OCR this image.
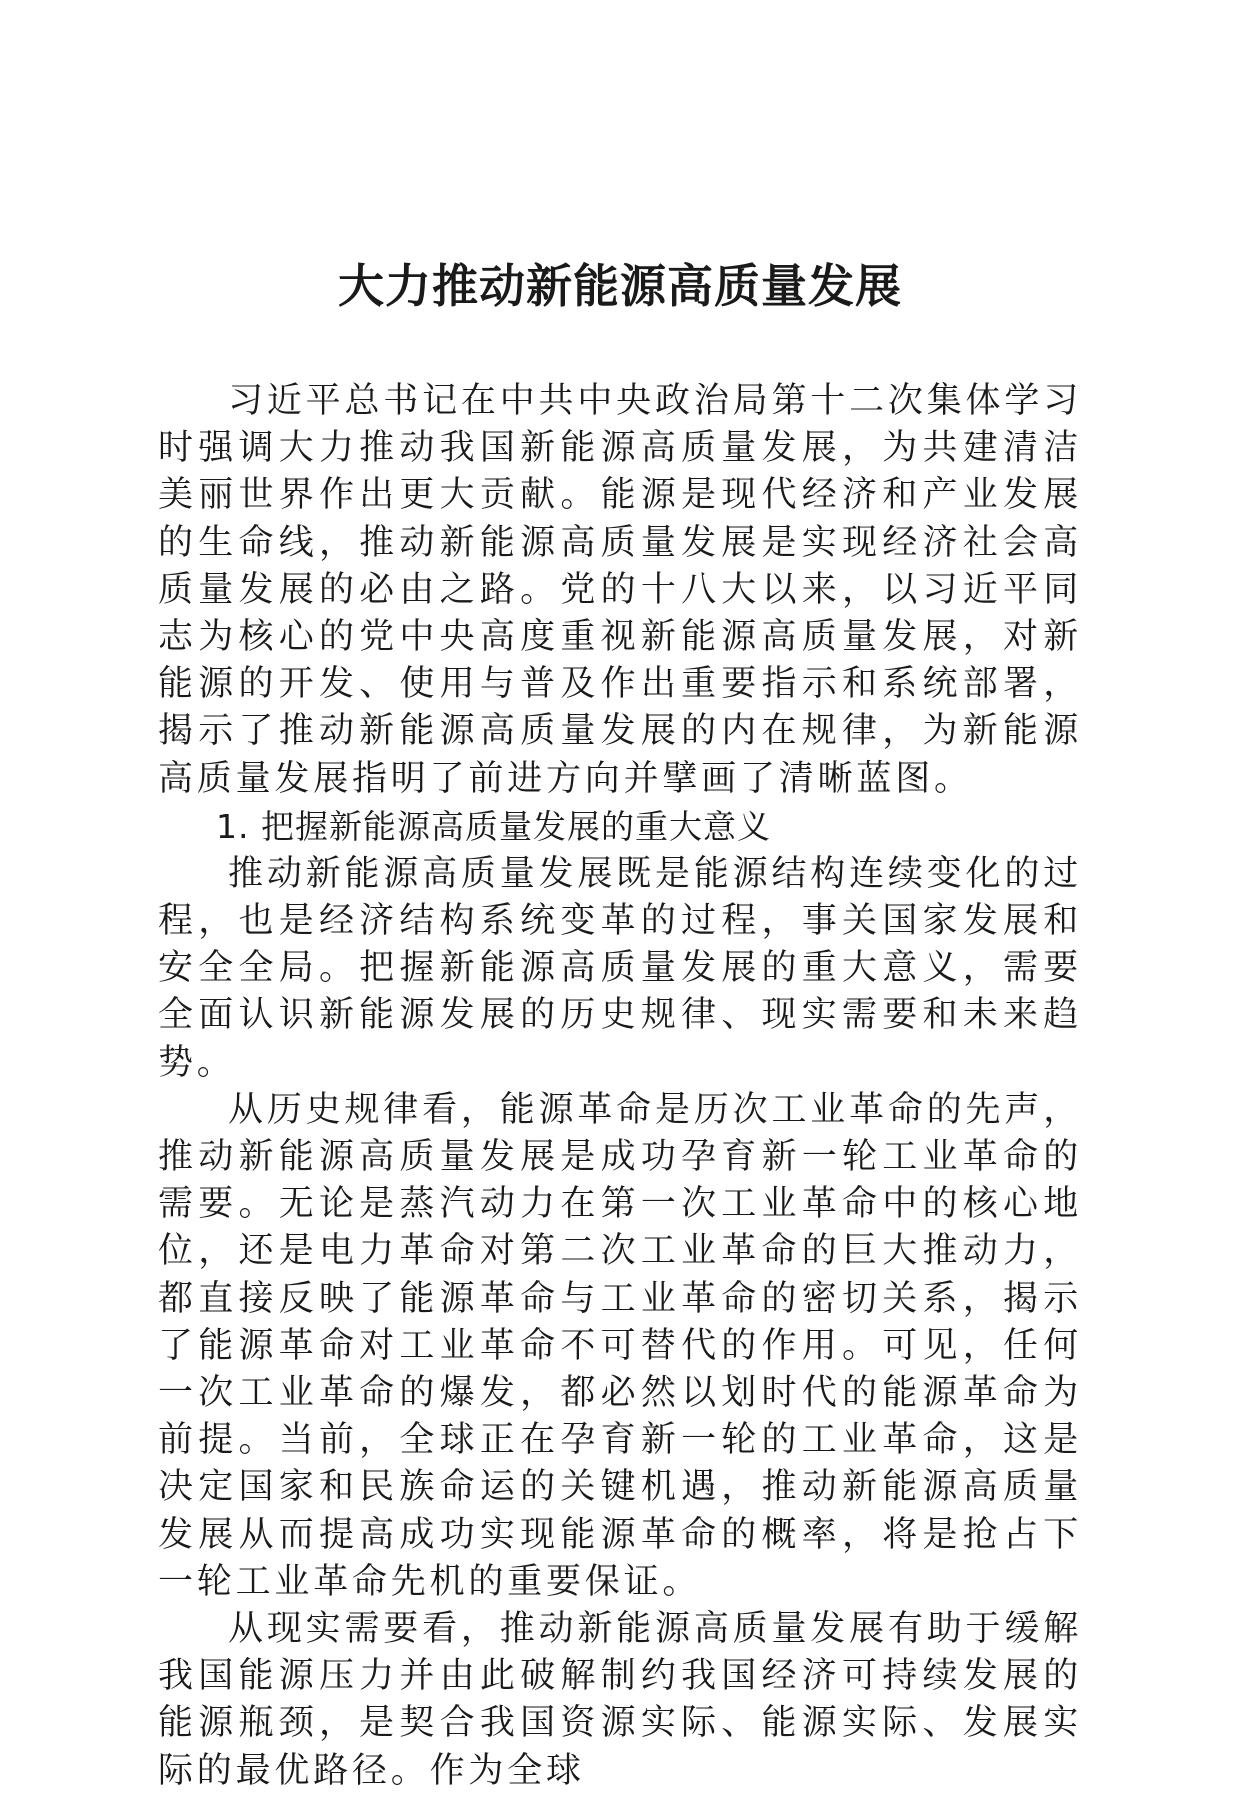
大力推动新能源高质量发展

习近平总书记在中共中央政治局第十二次集体学习时强调大力推动我国新能源高质量发展，为共建清洁美丽世界作出更大贡献。能源是现代经济和产业发展的生命线，推动新能源高质量发展是实现经济社会高质量发展的必由之路。党的十八大以来，以习近平同志为核心的党中央高度重视新能源高质量发展，对新能源的开发、使用与普及作出重要指示和系统部署，揭示了推动新能源高质量发展的内在规律，为新能源高质量发展指明了前进方向并擘画了清晰蓝图。

1. 把握新能源高质量发展的重大意义

推动新能源高质量发展既是能源结构连续变化的过程，也是经济结构系统变革的过程，事关国家发展和安全全局。把握新能源高质量发展的重大意义，需要全面认识新能源发展的历史规律、现实需要和未来趋势。

从历史规律看，能源革命是历次工业革命的先声，推动新能源高质量发展是成功孕育新一轮工业革命的需要。无论是蒸汽动力在第一次工业革命中的核心地位，还是电力革命对第二次工业革命的巨大推动力，都直接反映了能源革命与工业革命的密切关系，揭示了能源革命对工业革命不可替代的作用。可见，任何一次工业革命的爆发，都必然以划时代的能源革命为前提。当前，全球正在孕育新一轮的工业革命，这是决定国家和民族命运的关键机遇，推动新能源高质量发展从而提高成功实现能源革命的概率，将是抢占下一轮工业革命先机的重要保证。

从现实需要看，推动新能源高质量发展有助于缓解我国能源压力并由此破解制约我国经济可持续发展的能源瓶颈，是契合我国资源实际、能源实际、发展实际的最优路径。作为全球
